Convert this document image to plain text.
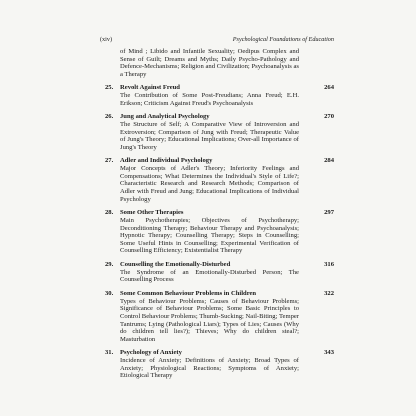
(xiv)	Psychological Foundations of Education
of Mind ; Libido and Infantile Sexuality; Oedipus Complex and Sense of Guilt; Dreams and Myths; Daily Psycho-Pathology and Defence-Mechanisms; Religion and Civilization; Psychoanalysis as a Therapy
25. Revolt Against Freud	264
The Contribution of Some Post-Freudians; Anna Freud; E.H. Erikson; Criticism Against Freud's Psychoanalysis
26. Jung and Analytical Psychology	270
The Structure of Self; A Comparative View of Introversion and Extroversion; Comparison of Jung with Freud; Therapeutic Value of Jung's Theory; Educational Implications; Over-all Importance of Jung's Theory
27. Adler and Individual Psychology	284
Major Concepts of Adler's Theory; Inferiority Feelings and Compensations; What Determines the Individual's Style of Life?; Characteristic Research and Research Methods; Comparison of Adler with Freud and Jung; Educational Implications of Individual Psychology
28. Some Other Therapies	297
Main Psychotherapies; Objectives of Psychotherapy; Deconditioning Therapy; Behaviour Therapy and Psychoanalysis; Hypnotic Therapy; Counselling Therapy; Steps in Counselling; Some Useful Hints in Counselling; Experimental Verification of Counselling Efficiency; Existentialist Therapy
29. Counselling the Emotionally-Disturbed	316
The Syndrome of an Emotionally-Disturbed Person; The Counselling Process
30. Some Common Behaviour Problems in Children	322
Types of Behaviour Problems; Causes of Behaviour Problems; Significance of Behaviour Problems; Some Basic Principles to Control Behaviour Problems; Thumb-Sucking; Nail-Biting; Temper Tantrums; Lying (Pathological Liars); Types of Lies; Causes (Why do children tell lies?); Thieves; Why do children steal?; Masturbation
31. Psychology of Anxiety	343
Incidence of Anxiety; Definitions of Anxiety; Broad Types of Anxiety; Physiological Reactions; Symptoms of Anxiety; Etiological Therapy
